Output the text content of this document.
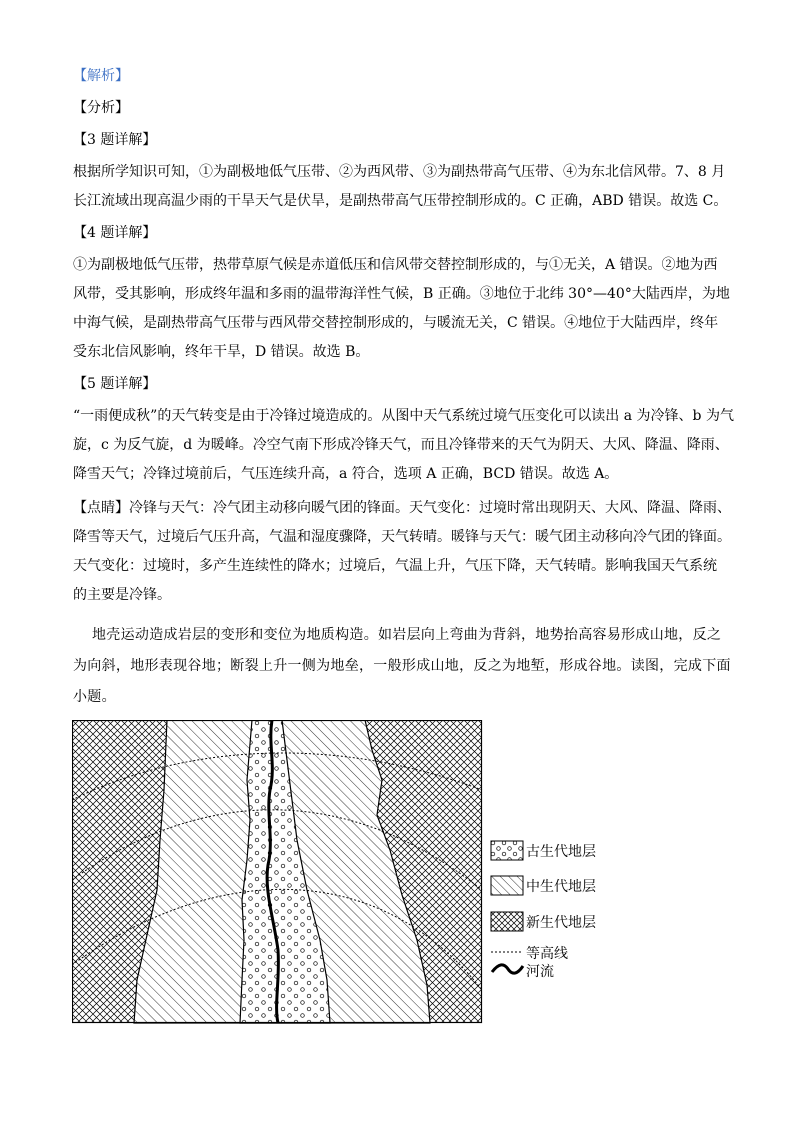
【解析】
【分析】
【3 题详解】
根据所学知识可知，①为副极地低气压带、②为西风带、③为副热带高气压带、④为东北信风带。7、8 月
长江流域出现高温少雨的干旱天气是伏旱，是副热带高气压带控制形成的。C 正确，ABD 错误。故选 C。
【4 题详解】
①为副极地低气压带，热带草原气候是赤道低压和信风带交替控制形成的，与①无关，A 错误。②地为西
风带，受其影响，形成终年温和多雨的温带海洋性气候，B 正确。③地位于北纬 30°—40°大陆西岸，为地
中海气候，是副热带高气压带与西风带交替控制形成的，与暖流无关，C 错误。④地位于大陆西岸，终年
受东北信风影响，终年干旱，D 错误。故选 B。
【5 题详解】
“一雨便成秋”的天气转变是由于冷锋过境造成的。从图中天气系统过境气压变化可以读出 a 为冷锋、b 为气
旋，c 为反气旋，d 为暖峰。冷空气南下形成冷锋天气，而且冷锋带来的天气为阴天、大风、降温、降雨、
降雪天气；冷锋过境前后，气压连续升高，a 符合，选项 A 正确，BCD 错误。故选 A。
【点睛】冷锋与天气：冷气团主动移向暖气团的锋面。天气变化：过境时常出现阴天、大风、降温、降雨、
降雪等天气，过境后气压升高，气温和湿度骤降，天气转晴。暖锋与天气：暖气团主动移向冷气团的锋面。
天气变化：过境时，多产生连续性的降水；过境后，气温上升，气压下降，天气转晴。影响我国天气系统
的主要是冷锋。
地壳运动造成岩层的变形和变位为地质构造。如岩层向上弯曲为背斜，地势抬高容易形成山地，反之
为向斜，地形表现谷地；断裂上升一侧为地垒，一般形成山地，反之为地堑，形成谷地。读图，完成下面
小题。
古生代地层
中生代地层
新生代地层
等高线
河流
